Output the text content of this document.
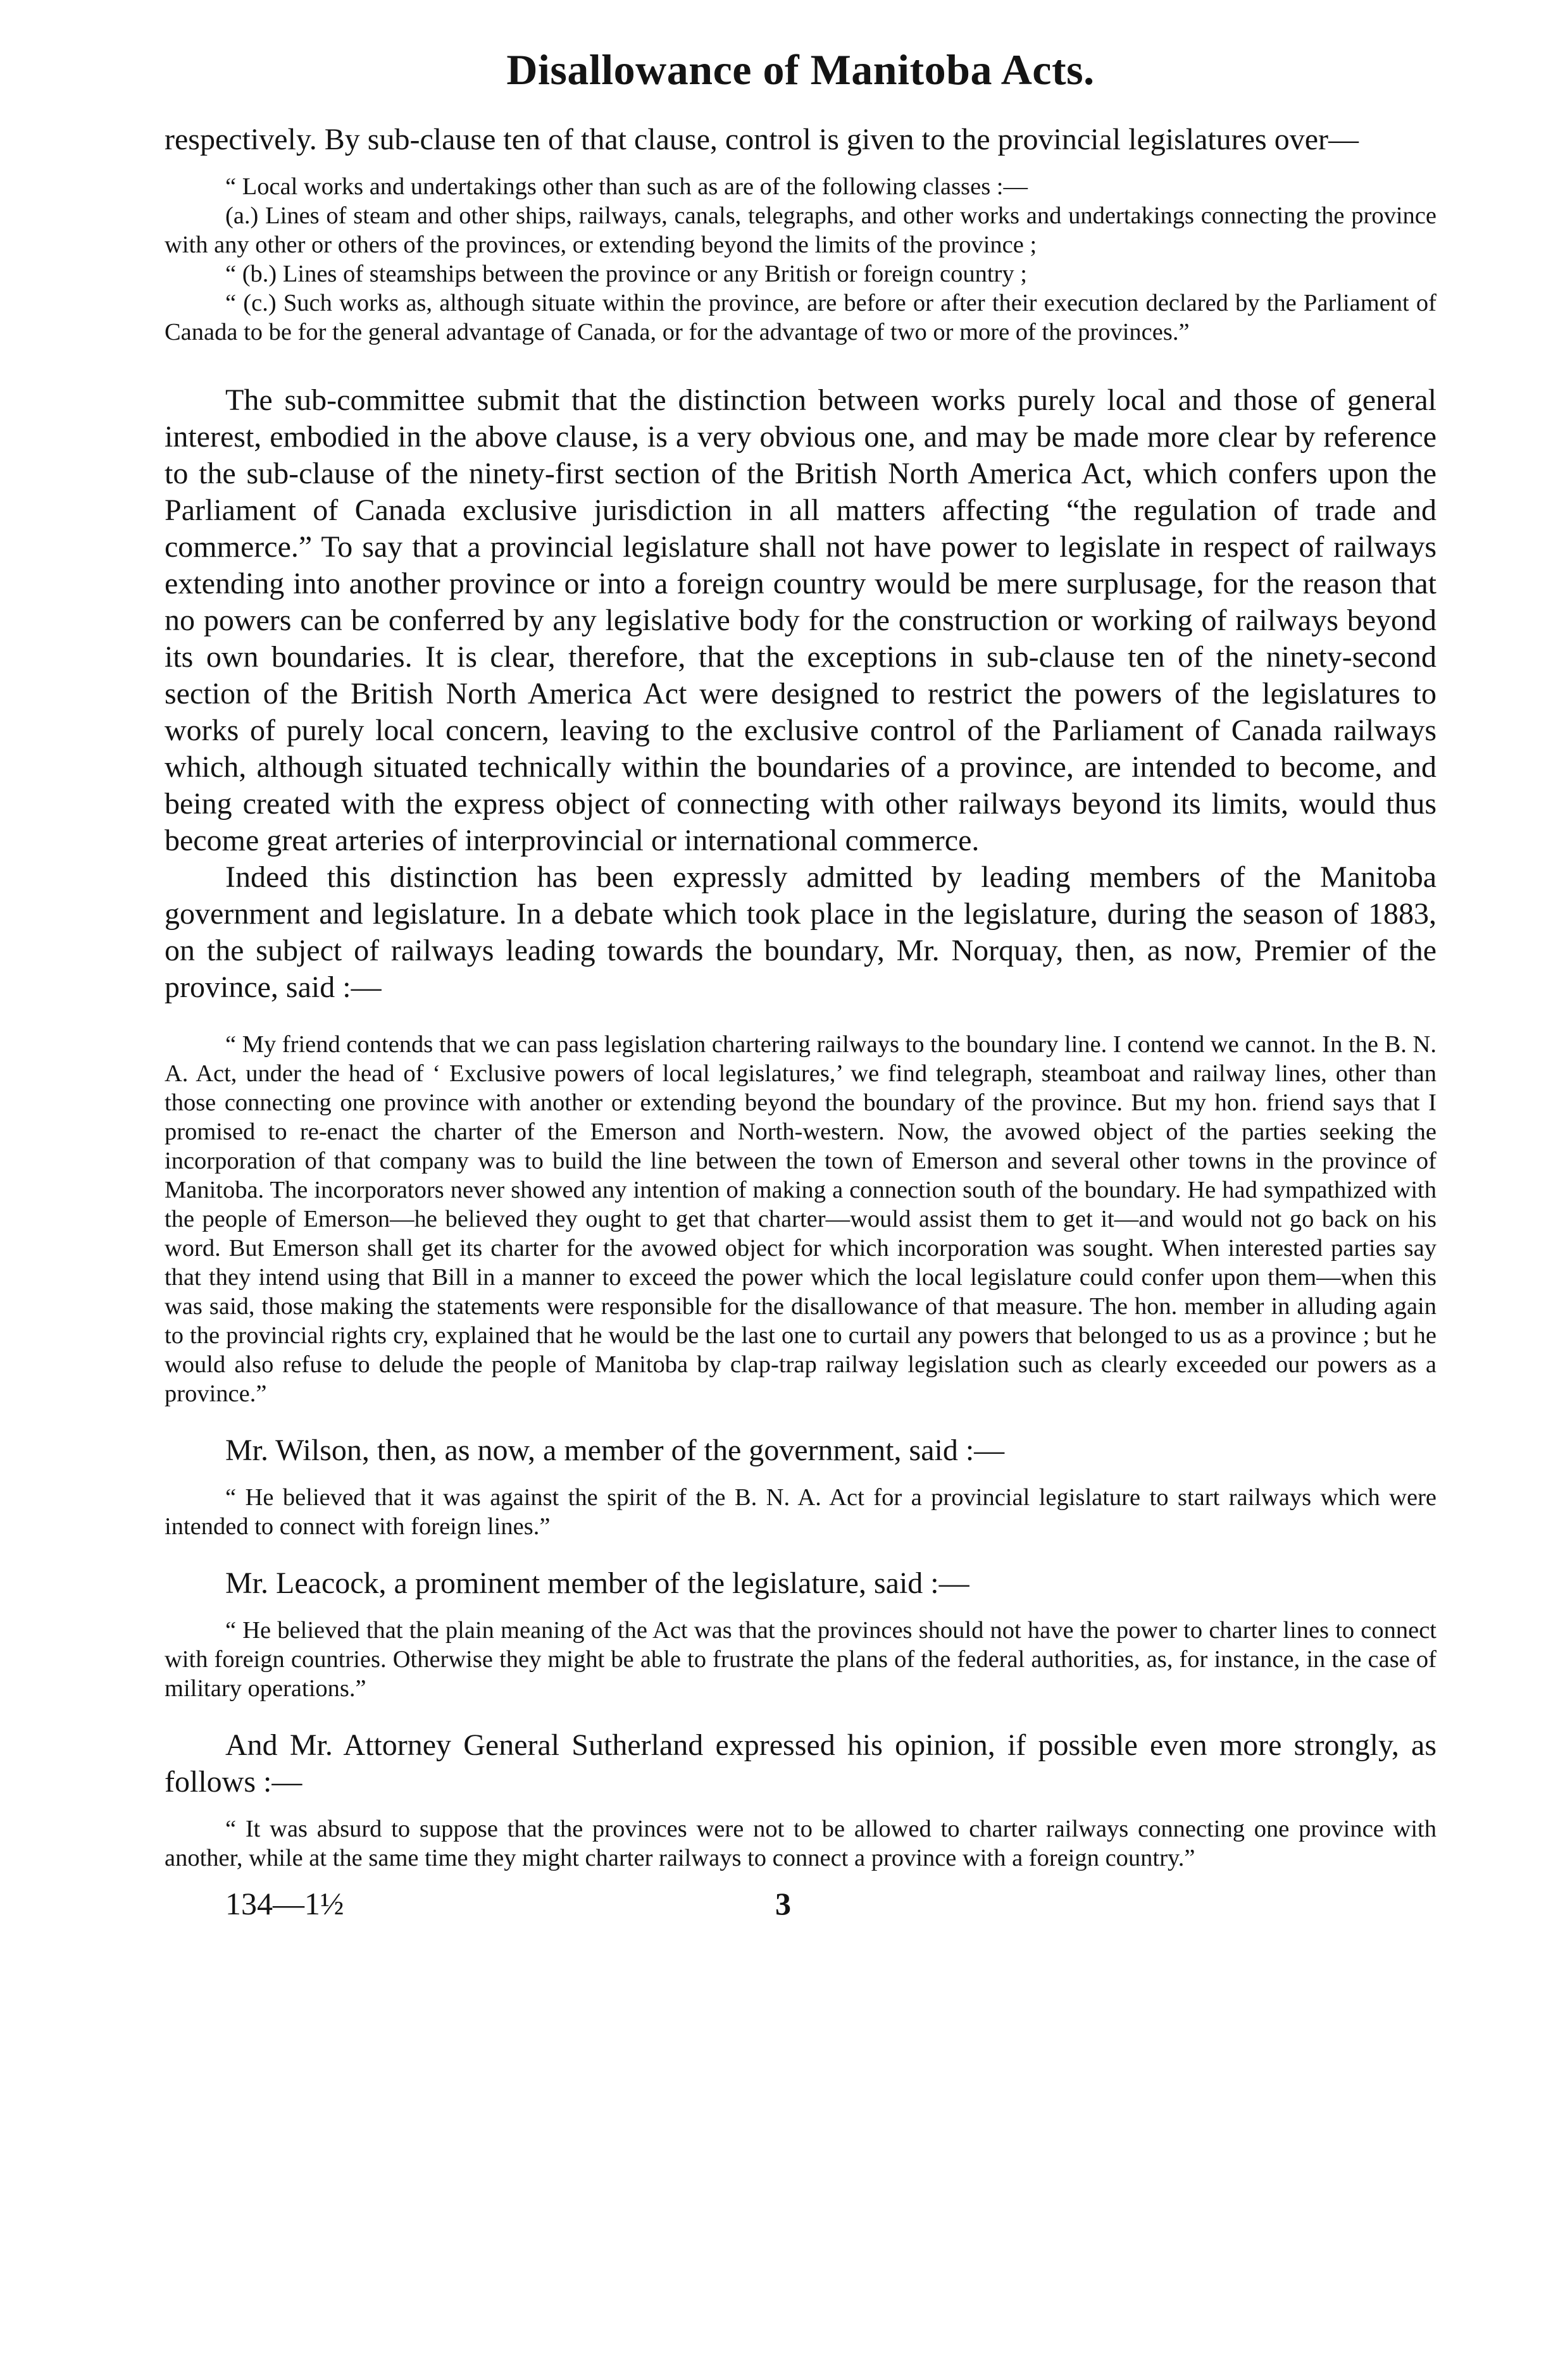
Disallowance of Manitoba Acts.

respectively. By sub-clause ten of that clause, control is given to the provincial legislatures over—

“ Local works and undertakings other than such as are of the following classes :—

(a.) Lines of steam and other ships, railways, canals, telegraphs, and other works and undertakings connecting the province with any other or others of the provinces, or extending beyond the limits of the province ;

“ (b.) Lines of steamships between the province or any British or foreign country ;

“ (c.) Such works as, although situate within the province, are before or after their execution declared by the Parliament of Canada to be for the general advantage of Canada, or for the advantage of two or more of the provinces.”

The sub-committee submit that the distinction between works purely local and those of general interest, embodied in the above clause, is a very obvious one, and may be made more clear by reference to the sub-clause of the ninety-first section of the British North America Act, which confers upon the Parliament of Canada exclusive jurisdiction in all matters affecting “the regulation of trade and commerce.” To say that a provincial legislature shall not have power to legislate in respect of railways extending into another province or into a foreign country would be mere surplusage, for the reason that no powers can be conferred by any legislative body for the construction or working of railways beyond its own boundaries. It is clear, therefore, that the exceptions in sub-clause ten of the ninety-second section of the British North America Act were designed to restrict the powers of the legislatures to works of purely local concern, leaving to the exclusive control of the Parliament of Canada railways which, although situated technically within the boundaries of a province, are intended to become, and being created with the express object of connecting with other railways beyond its limits, would thus become great arteries of interprovincial or international commerce.

Indeed this distinction has been expressly admitted by leading members of the Manitoba government and legislature. In a debate which took place in the legislature, during the season of 1883, on the subject of railways leading towards the boundary, Mr. Norquay, then, as now, Premier of the province, said :—

“ My friend contends that we can pass legislation chartering railways to the boundary line. I contend we cannot. In the B. N. A. Act, under the head of ‘ Exclusive powers of local legislatures,’ we find telegraph, steamboat and railway lines, other than those connecting one province with another or extending beyond the boundary of the province. But my hon. friend says that I promised to re-enact the charter of the Emerson and North-western. Now, the avowed object of the parties seeking the incorporation of that company was to build the line between the town of Emerson and several other towns in the province of Manitoba. The incorporators never showed any intention of making a connection south of the boundary. He had sympathized with the people of Emerson—he believed they ought to get that charter—would assist them to get it—and would not go back on his word. But Emerson shall get its charter for the avowed object for which incorporation was sought. When interested parties say that they intend using that Bill in a manner to exceed the power which the local legislature could confer upon them—when this was said, those making the statements were responsible for the disallowance of that measure. The hon. member in alluding again to the provincial rights cry, explained that he would be the last one to curtail any powers that belonged to us as a province ; but he would also refuse to delude the people of Manitoba by clap-trap railway legislation such as clearly exceeded our powers as a province.”

Mr. Wilson, then, as now, a member of the government, said :—

“ He believed that it was against the spirit of the B. N. A. Act for a provincial legislature to start railways which were intended to connect with foreign lines.”

Mr. Leacock, a prominent member of the legislature, said :—

“ He believed that the plain meaning of the Act was that the provinces should not have the power to charter lines to connect with foreign countries. Otherwise they might be able to frustrate the plans of the federal authorities, as, for instance, in the case of military operations.”

And Mr. Attorney General Sutherland expressed his opinion, if possible even more strongly, as follows :—

“ It was absurd to suppose that the provinces were not to be allowed to charter railways connecting one province with another, while at the same time they might charter railways to connect a province with a foreign country.”

134—1½	3
